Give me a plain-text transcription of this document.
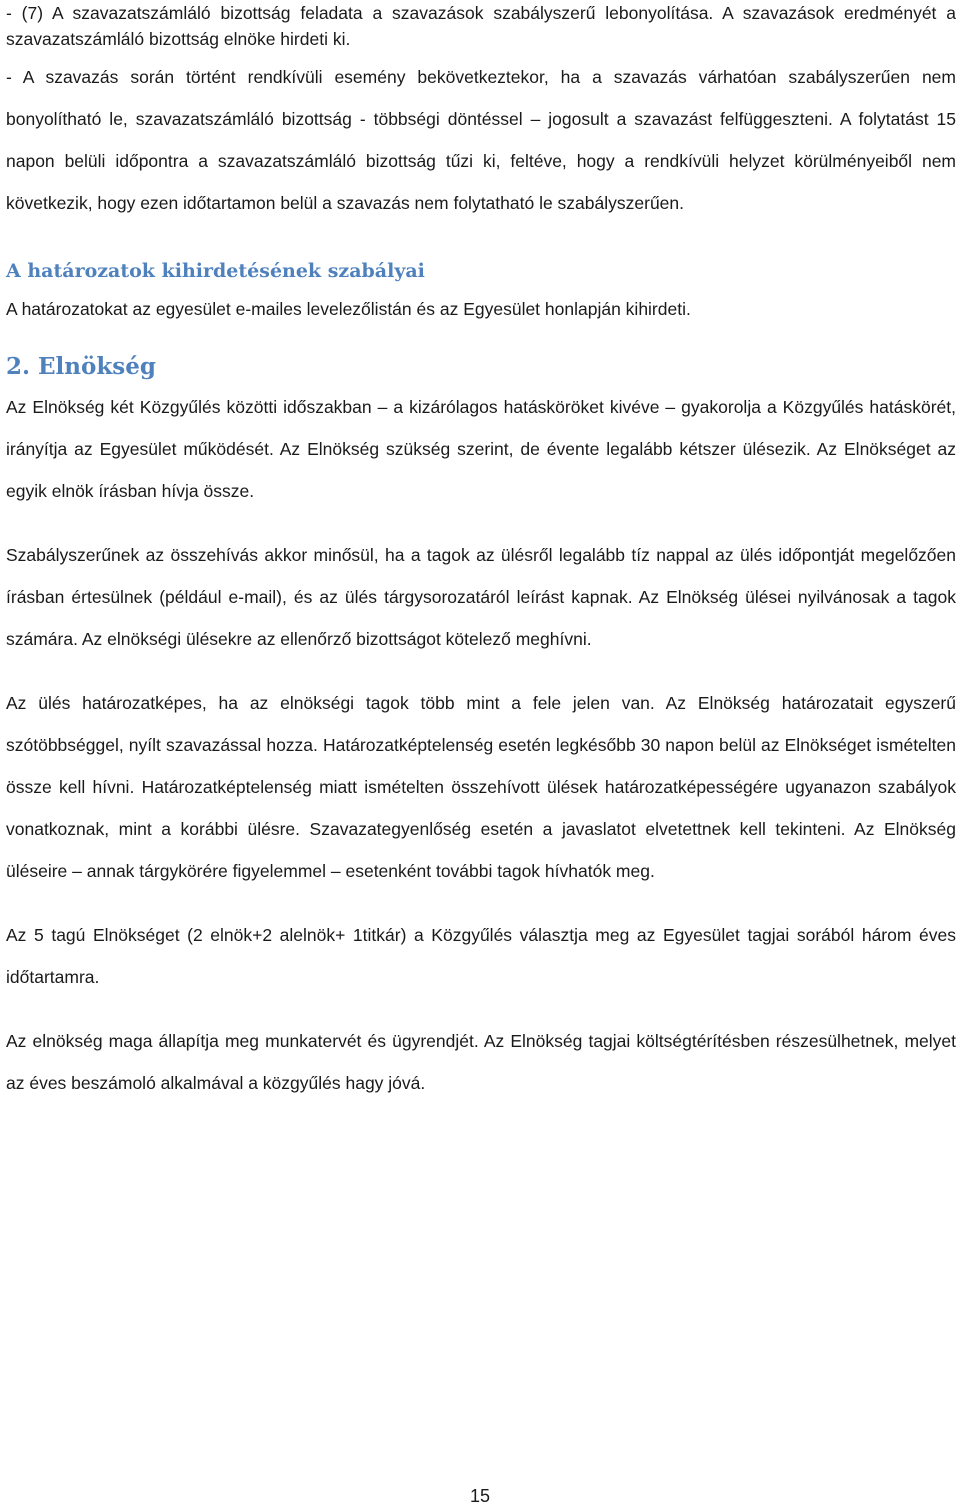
- (7) A szavazatszámláló bizottság feladata a szavazások szabályszerű lebonyolítása. A szavazások eredményét a szavazatszámláló bizottság elnöke hirdeti ki.

- A szavazás során történt rendkívüli esemény bekövetkeztekor, ha a szavazás várhatóan szabályszerűen nem bonyolítható le, szavazatszámláló bizottság - többségi döntéssel – jogosult a szavazást felfüggeszteni. A folytatást 15 napon belüli időpontra a szavazatszámláló bizottság tűzi ki, feltéve, hogy a rendkívüli helyzet körülményeiből nem következik, hogy ezen időtartamon belül a szavazás nem folytatható le szabályszerűen.

A határozatok kihirdetésének szabályai

A határozatokat az egyesület e-mailes levelezőlistán és az Egyesület honlapján kihirdeti.

2. Elnökség

Az Elnökség két Közgyűlés közötti időszakban – a kizárólagos hatásköröket kivéve – gyakorolja a Közgyűlés hatáskörét, irányítja az Egyesület működését. Az Elnökség szükség szerint, de évente legalább kétszer ülésezik. Az Elnökséget az egyik elnök írásban hívja össze.

Szabályszerűnek az összehívás akkor minősül, ha a tagok az ülésről legalább tíz nappal az ülés időpontját megelőzően írásban értesülnek (például e-mail), és az ülés tárgysorozatáról leírást kapnak. Az Elnökség ülései nyilvánosak a tagok számára. Az elnökségi ülésekre az ellenőrző bizottságot kötelező meghívni.

Az ülés határozatképes, ha az elnökségi tagok több mint a fele jelen van. Az Elnökség határozatait egyszerű szótöbbséggel, nyílt szavazással hozza. Határozatképtelenség esetén legkésőbb 30 napon belül az Elnökséget ismételten össze kell hívni. Határozatképtelenség miatt ismételten összehívott ülések határozatképességére ugyanazon szabályok vonatkoznak, mint a korábbi ülésre. Szavazategyenlőség esetén a javaslatot elvetettnek kell tekinteni. Az Elnökség üléseire – annak tárgykörére figyelemmel – esetenként további tagok hívhatók meg.

Az 5 tagú Elnökséget (2 elnök+2 alelnök+ 1titkár) a Közgyűlés választja meg az Egyesület tagjai sorából három éves időtartamra.

Az elnökség maga állapítja meg munkatervét és ügyrendjét. Az Elnökség tagjai költségtérítésben részesülhetnek, melyet az éves beszámoló alkalmával a közgyűlés hagy jóvá.

15
